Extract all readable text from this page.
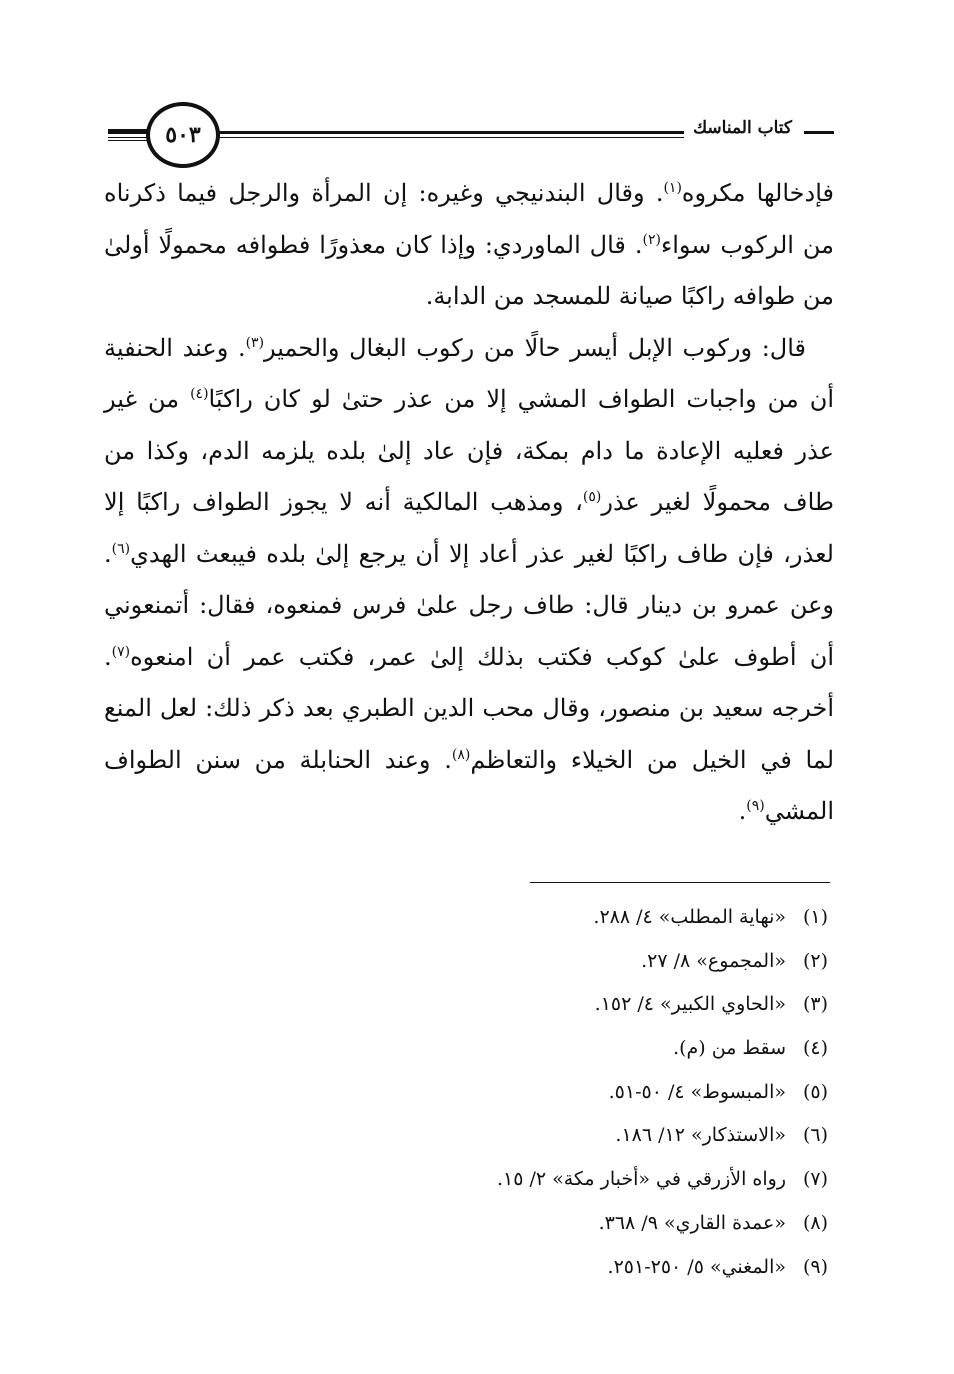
٥٠٣	كتاب المناسك

فإدخالها مكروه$^{(١)}$. وقال البندنيجي وغيره: إن المرأة والرجل فيما ذكرناه من الركوب سواء$^{(٢)}$. قال الماوردي: وإذا كان معذورًا فطوافه محمولًا أولىٰ من طوافه راكبًا صيانة للمسجد من الدابة.

قال: وركوب الإبل أيسر حالًا من ركوب البغال والحمير$^{(٣)}$. وعند الحنفية أن من واجبات الطواف المشي إلا من عذر حتىٰ لو كان راكبًا$^{(٤)}$ من غير عذر فعليه الإعادة ما دام بمكة، فإن عاد إلىٰ بلده يلزمه الدم، وكذا من طاف محمولًا لغير عذر$^{(٥)}$، ومذهب المالكية أنه لا يجوز الطواف راكبًا إلا لعذر، فإن طاف راكبًا لغير عذر أعاد إلا أن يرجع إلىٰ بلده فيبعث الهدي$^{(٦)}$. وعن عمرو بن دينار قال: طاف رجل علىٰ فرس فمنعوه، فقال: أتمنعوني أن أطوف علىٰ كوكب فكتب بذلك إلىٰ عمر، فكتب عمر أن امنعوه$^{(٧)}$. أخرجه سعيد بن منصور، وقال محب الدين الطبري بعد ذكر ذلك: لعل المنع لما في الخيل من الخيلاء والتعاظم$^{(٨)}$. وعند الحنابلة من سنن الطواف المشي$^{(٩)}$.

(١)«نهاية المطلب» ٤/ ٢٨٨.
(٢)«المجموع» ٨/ ٢٧.
(٣)«الحاوي الكبير» ٤/ ١٥٢.
(٤)سقط من (م).
(٥)«المبسوط» ٤/ ٥٠-٥١.
(٦)«الاستذكار» ١٢/ ١٨٦.
(٧)رواه الأزرقي في «أخبار مكة» ٢/ ١٥.
(٨)«عمدة القاري» ٩/ ٣٦٨.
(٩)«المغني» ٥/ ٢٥٠-٢٥١.
